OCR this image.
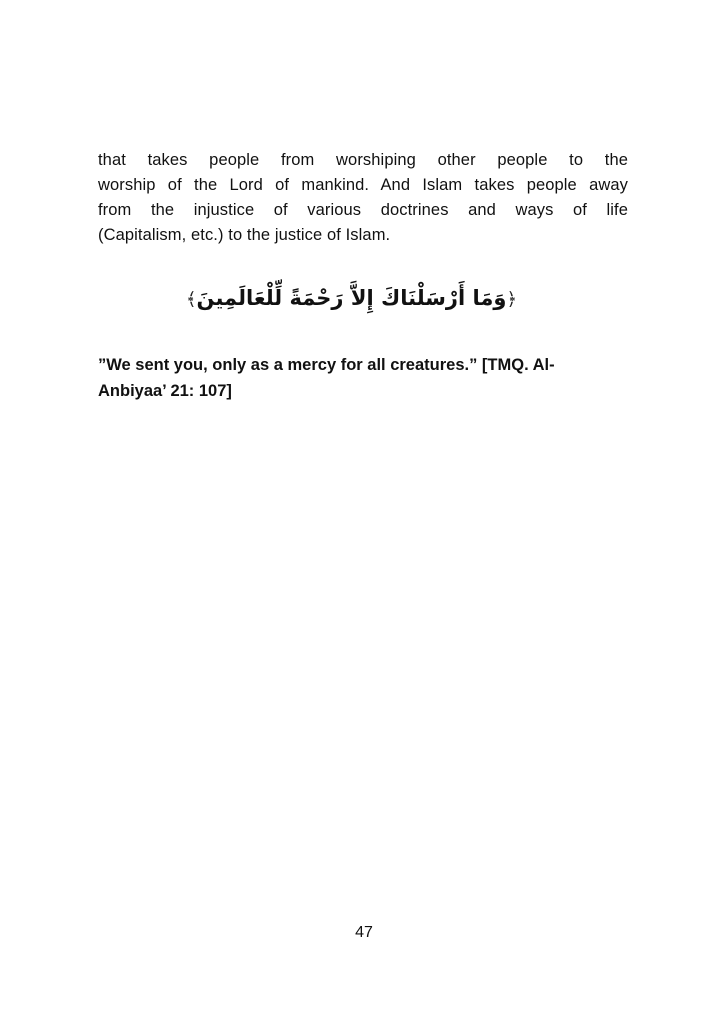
that takes people from worshiping other people to the
worship of the Lord of mankind. And Islam takes people away
from the injustice of various doctrines and ways of life
(Capitalism, etc.) to the justice of Islam.
﴿وَمَا أَرْسَلْنَاكَ إِلاَّ رَحْمَةً لِّلْعَالَمِينَ﴾
”We sent you, only as a mercy for all creatures.” [TMQ. Al-
Anbiyaa’ 21: 107]
47
